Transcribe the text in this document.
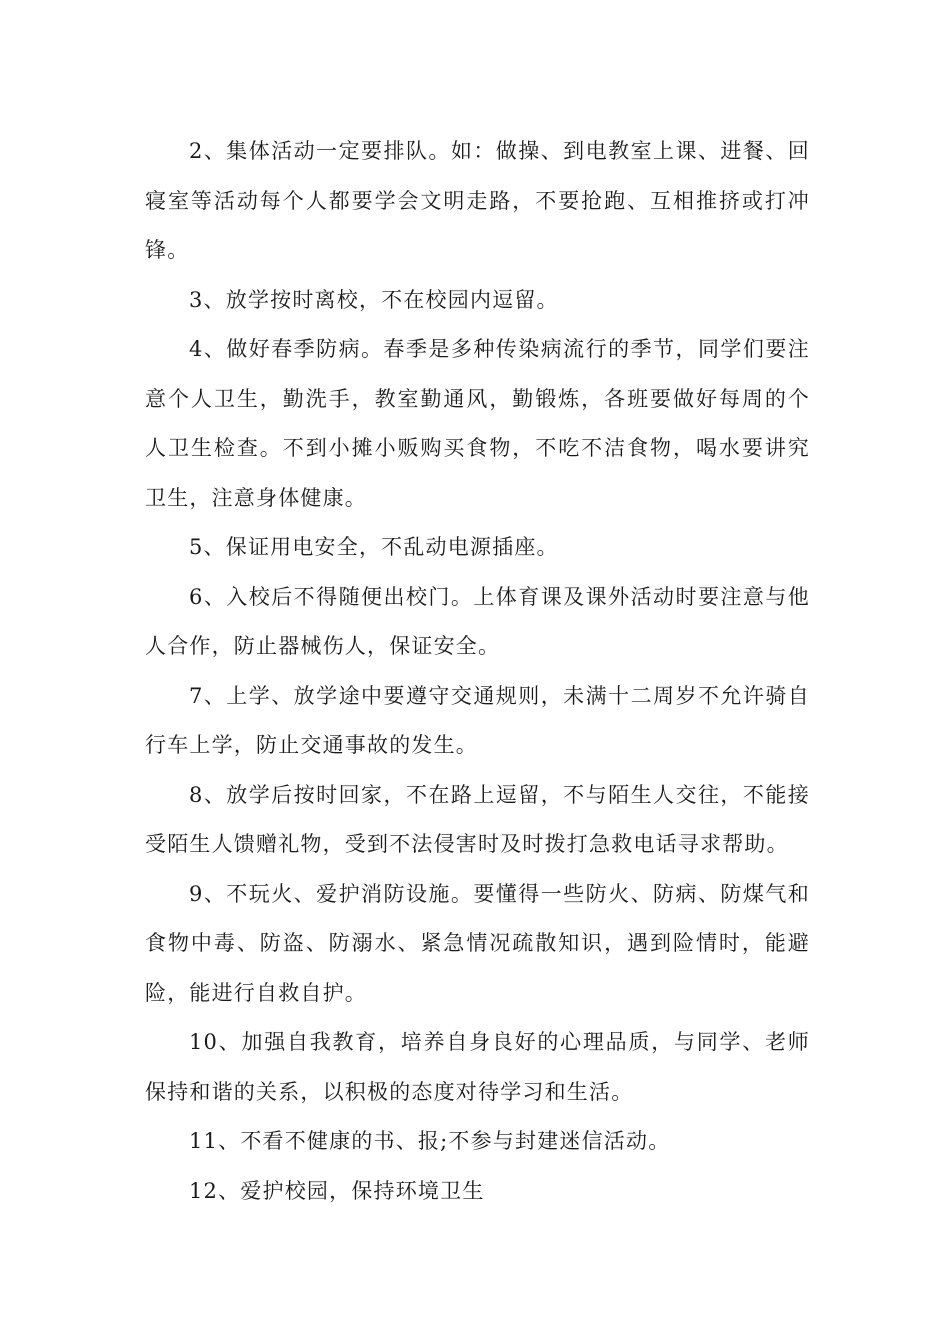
2、集体活动一定要排队。如：做操、到电教室上课、进餐、回寝室等活动每个人都要学会文明走路，不要抢跑、互相推挤或打冲锋。

3、放学按时离校，不在校园内逗留。

4、做好春季防病。春季是多种传染病流行的季节，同学们要注意个人卫生，勤洗手，教室勤通风，勤锻炼，各班要做好每周的个人卫生检查。不到小摊小贩购买食物，不吃不洁食物，喝水要讲究卫生，注意身体健康。

5、保证用电安全，不乱动电源插座。

6、入校后不得随便出校门。上体育课及课外活动时要注意与他人合作，防止器械伤人，保证安全。

7、上学、放学途中要遵守交通规则，未满十二周岁不允许骑自行车上学，防止交通事故的发生。

8、放学后按时回家，不在路上逗留，不与陌生人交往，不能接受陌生人馈赠礼物，受到不法侵害时及时拨打急救电话寻求帮助。

9、不玩火、爱护消防设施。要懂得一些防火、防病、防煤气和食物中毒、防盗、防溺水、紧急情况疏散知识，遇到险情时，能避险，能进行自救自护。

10、加强自我教育，培养自身良好的心理品质，与同学、老师保持和谐的关系，以积极的态度对待学习和生活。

11、不看不健康的书、报;不参与封建迷信活动。

12、爱护校园，保持环境卫生
